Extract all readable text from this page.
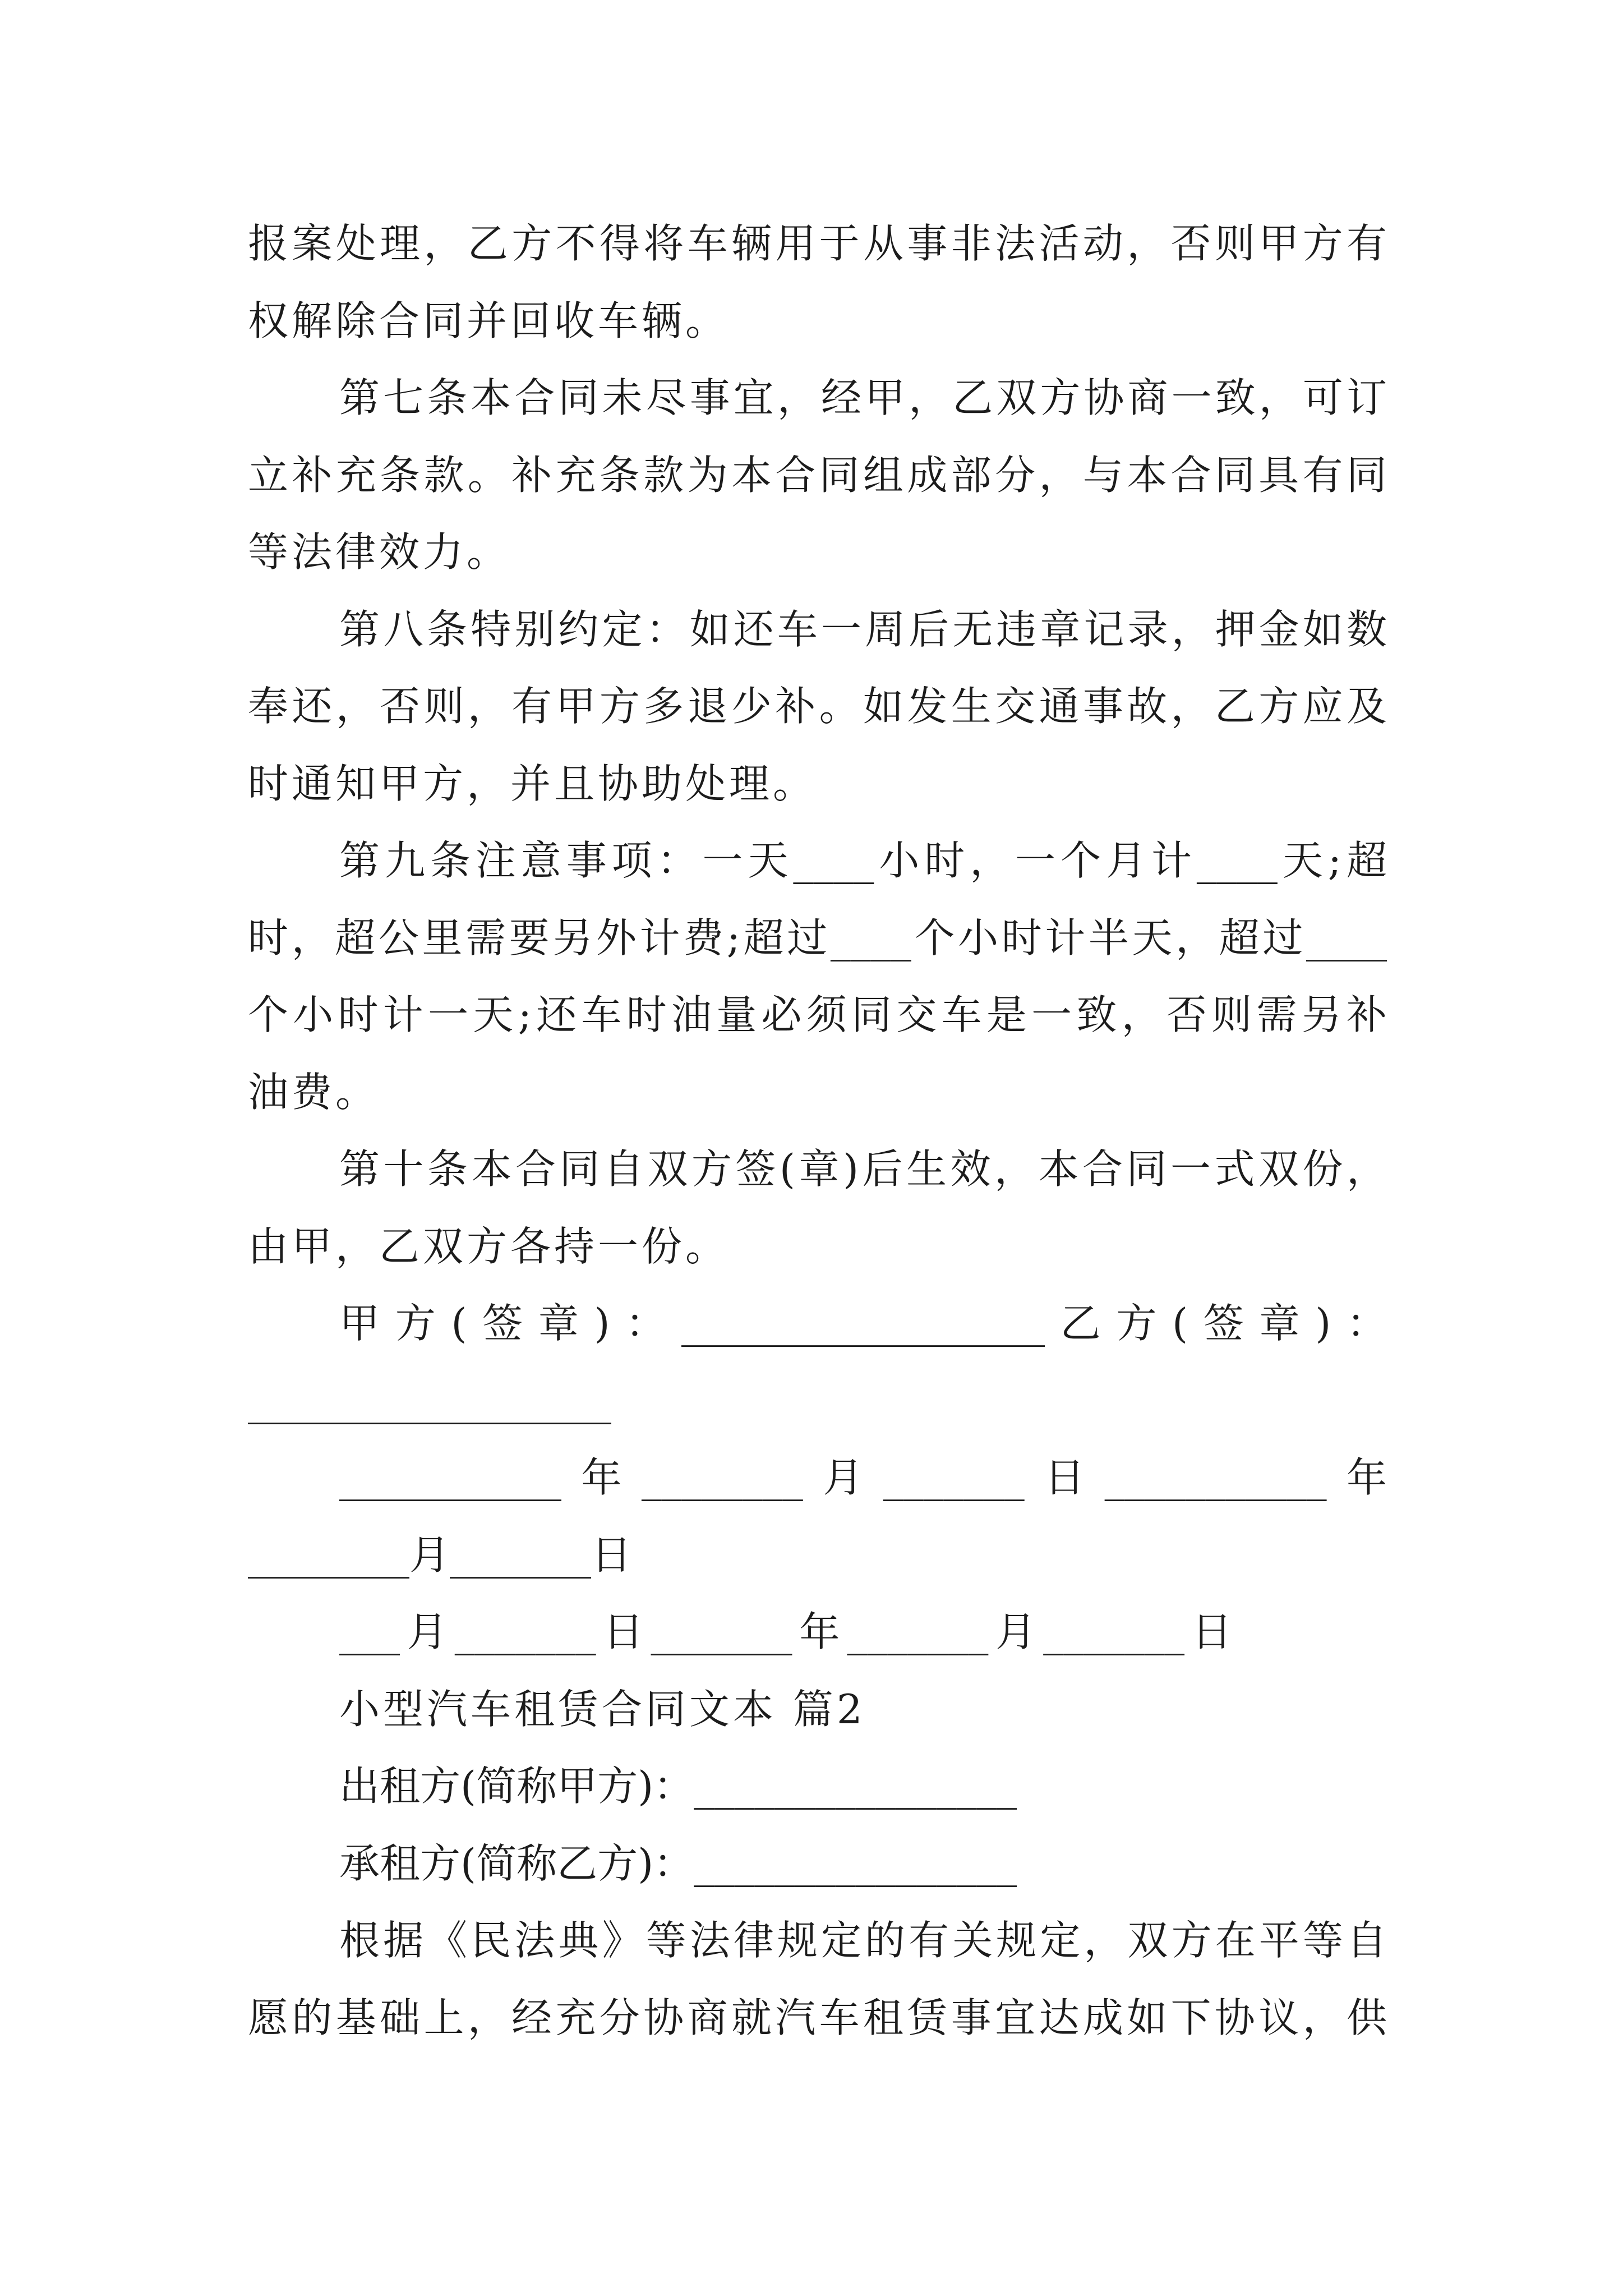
报案处理，乙方不得将车辆用于从事非法活动，否则甲方有
权解除合同并回收车辆。
第七条本合同未尽事宜，经甲，乙双方协商一致，可订
立补充条款。补充条款为本合同组成部分，与本合同具有同
等法律效力。
第八条特别约定：如还车一周后无违章记录，押金如数
奉还，否则，有甲方多退少补。如发生交通事故，乙方应及
时通知甲方，并且协助处理。
第九条注意事项：一天____小时，一个月计____天;超
时，超公里需要另外计费;超过____个小时计半天，超过____
个小时计一天;还车时油量必须同交车是一致，否则需另补
油费。
第十条本合同自双方签(章)后生效，本合同一式双份，
由甲，乙双方各持一份。
甲方(签章)：__________________乙方(签章)：
__________________
___________年________月_______日___________年
________月_______日
___月_______日_______年_______月_______日
小型汽车租赁合同文本 篇2
出租方(简称甲方)：________________
承租方(简称乙方)：________________
根据《民法典》等法律规定的有关规定，双方在平等自
愿的基础上，经充分协商就汽车租赁事宜达成如下协议，供
